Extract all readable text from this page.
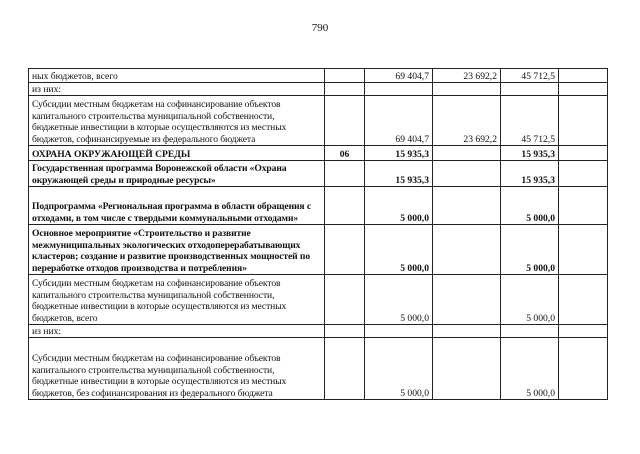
790
ных бюджетов, всего		69 404,7	23 692,2	45 712,5	
из них:					
Субсидии местным бюджетам на софинансирование объектов капитального строительства муниципальной собственности, бюджетные инвестиции в которые осуществляются из местных бюджетов, софинансируемые из федерального бюджета		69 404,7	23 692,2	45 712,5	
ОХРАНА ОКРУЖАЮЩЕЙ СРЕДЫ	06	15 935,3		15 935,3	
Государственная программа Воронежской области «Охрана окружающей среды и природные ресурсы»		15 935,3		15 935,3	
Подпрограмма «Региональная программа в области обращения с отходами, в том числе с твердыми коммунальными отходами»		5 000,0		5 000,0	
Основное мероприятие «Строительство и развитие межмуниципальных экологических отходоперерабатывающих кластеров; создание и развитие производственных мощностей по переработке отходов производства и потребления»		5 000,0		5 000,0	
Субсидии местным бюджетам на софинансирование объектов капитального строительства муниципальной собственности, бюджетные инвестиции в которые осуществляются из местных бюджетов, всего		5 000,0		5 000,0	
из них:					
Субсидии местным бюджетам на софинансирование объектов капитального строительства муниципальной собственности, бюджетные инвестиции в которые осуществляются из местных бюджетов, без софинансирования из федерального бюджета		5 000,0		5 000,0	
